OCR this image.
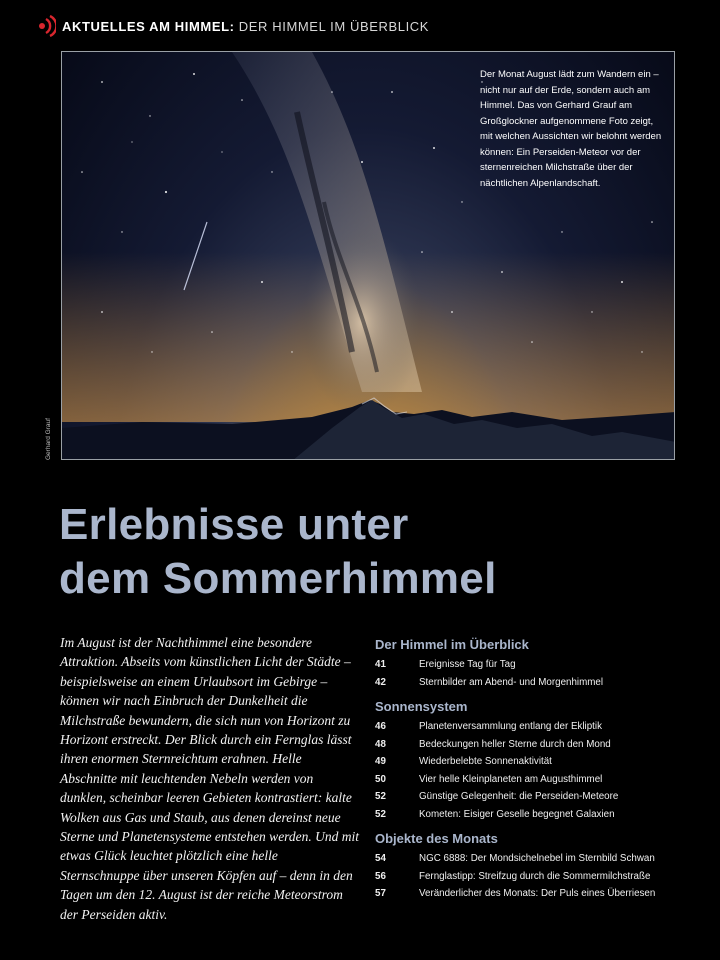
AKTUELLES AM HIMMEL: DER HIMMEL IM ÜBERBLICK
Der Monat August lädt zum Wandern ein – nicht nur auf der Erde, sondern auch am Himmel. Das von Gerhard Grauf am Großglockner aufgenommene Foto zeigt, mit welchen Aussichten wir belohnt werden können: Ein Perseiden-Meteor vor der sternenreichen Milchstraße über der nächtlichen Alpenlandschaft.
Gerhard Grauf
Erlebnisse unter
dem Sommerhimmel

Im August ist der Nachthimmel eine besondere Attraktion. Abseits vom künstlichen Licht der Städte – beispielsweise an einem Urlaubsort im Gebirge – können wir nach Einbruch der Dunkelheit die Milchstraße bewundern, die sich nun von Horizont zu Horizont erstreckt. Der Blick durch ein Fernglas lässt ihren enormen Sternreichtum erahnen. Helle Abschnitte mit leuchtenden Nebeln werden von dunklen, scheinbar leeren Gebieten kontrastiert: kalte Wolken aus Gas und Staub, aus denen dereinst neue Sterne und Planetensysteme entstehen werden. Und mit etwas Glück leuchtet plötzlich eine helle Sternschnuppe über unseren Köpfen auf – denn in den Tagen um den 12. August ist der reiche Meteorstrom der Perseiden aktiv.

Der Himmel im Überblick
41	Ereignisse Tag für Tag
42	Sternbilder am Abend- und Morgenhimmel
Sonnensystem
46	Planetenversammlung entlang der Ekliptik
48	Bedeckungen heller Sterne durch den Mond
49	Wiederbelebte Sonnenaktivität
50	Vier helle Kleinplaneten am Augusthimmel
52	Günstige Gelegenheit: die Perseiden-Meteore
52	Kometen: Eisiger Geselle begegnet Galaxien
Objekte des Monats
54	NGC 6888: Der Mondsichelnebel im Sternbild Schwan
56	Fernglastipp: Streifzug durch die Sommermilchstraße
57	Veränderlicher des Monats: Der Puls eines Überriesen
